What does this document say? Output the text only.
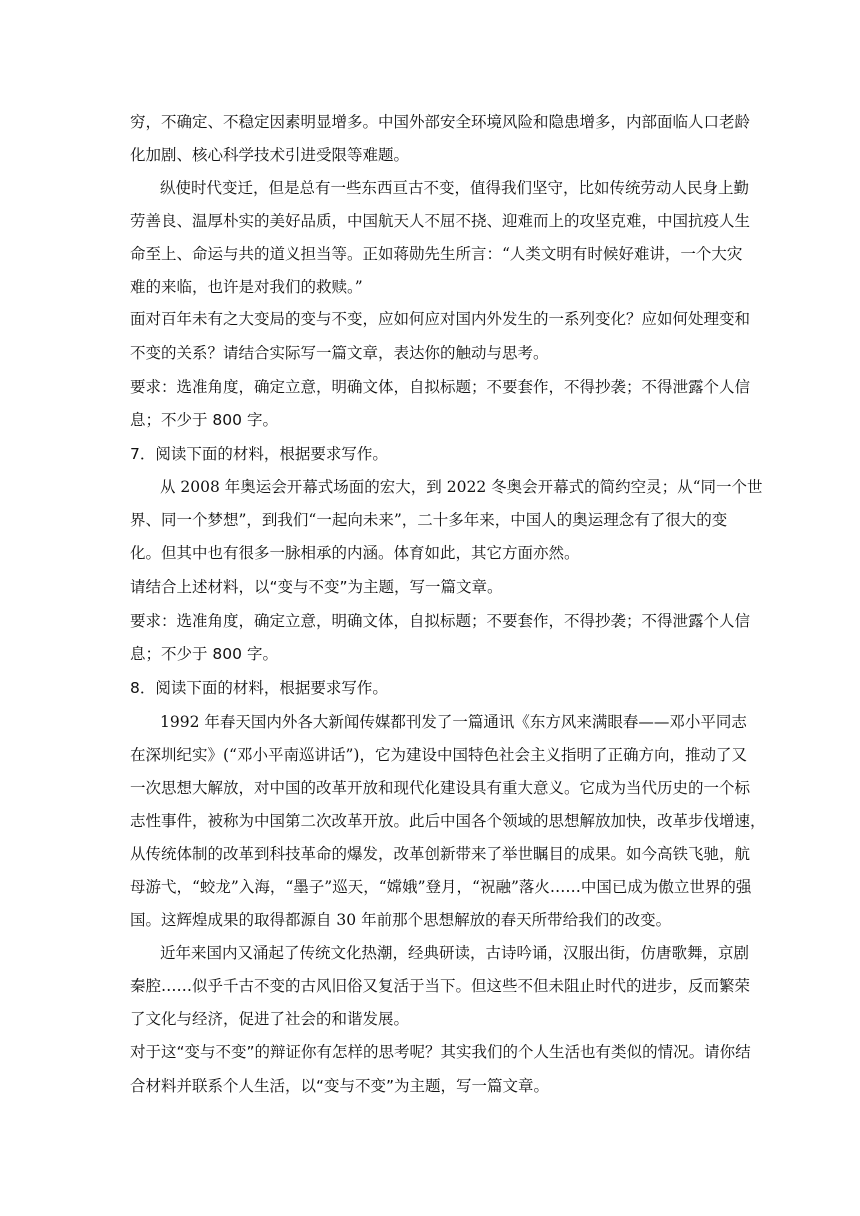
穷，不确定、不稳定因素明显增多。中国外部安全环境风险和隐患增多，内部面临人口老龄
化加剧、核心科学技术引进受限等难题。
纵使时代变迁，但是总有一些东西亘古不变，值得我们坚守，比如传统劳动人民身上勤
劳善良、温厚朴实的美好品质，中国航天人不屈不挠、迎难而上的攻坚克难，中国抗疫人生
命至上、命运与共的道义担当等。正如蒋勋先生所言：“人类文明有时候好难讲，一个大灾
难的来临，也许是对我们的救赎。”
面对百年未有之大变局的变与不变，应如何应对国内外发生的一系列变化？应如何处理变和
不变的关系？请结合实际写一篇文章，表达你的触动与思考。
要求：选准角度，确定立意，明确文体，自拟标题；不要套作，不得抄袭；不得泄露个人信
息；不少于 800 字。
7．阅读下面的材料，根据要求写作。
从 2008 年奥运会开幕式场面的宏大，到 2022 冬奥会开幕式的简约空灵；从“同一个世
界、同一个梦想”，到我们“一起向未来”，二十多年来，中国人的奥运理念有了很大的变
化。但其中也有很多一脉相承的内涵。体育如此，其它方面亦然。
请结合上述材料，以“变与不变”为主题，写一篇文章。
要求：选准角度，确定立意，明确文体，自拟标题；不要套作，不得抄袭；不得泄露个人信
息；不少于 800 字。
8．阅读下面的材料，根据要求写作。
1992 年春天国内外各大新闻传媒都刊发了一篇通讯《东方风来满眼春——邓小平同志
在深圳纪实》(“邓小平南巡讲话”)，它为建设中国特色社会主义指明了正确方向，推动了又
一次思想大解放，对中国的改革开放和现代化建设具有重大意义。它成为当代历史的一个标
志性事件，被称为中国第二次改革开放。此后中国各个领域的思想解放加快，改革步伐增速，
从传统体制的改革到科技革命的爆发，改革创新带来了举世瞩目的成果。如今高铁飞驰，航
母游弋，“蛟龙”入海，“墨子”巡天，“嫦娥”登月，“祝融”落火……中国已成为傲立世界的强
国。这辉煌成果的取得都源自 30 年前那个思想解放的春天所带给我们的改变。
近年来国内又涌起了传统文化热潮，经典研读，古诗吟诵，汉服出街，仿唐歌舞，京剧
秦腔……似乎千古不变的古风旧俗又复活于当下。但这些不但未阻止时代的进步，反而繁荣
了文化与经济，促进了社会的和谐发展。
对于这“变与不变”的辩证你有怎样的思考呢？其实我们的个人生活也有类似的情况。请你结
合材料并联系个人生活，以“变与不变”为主题，写一篇文章。
